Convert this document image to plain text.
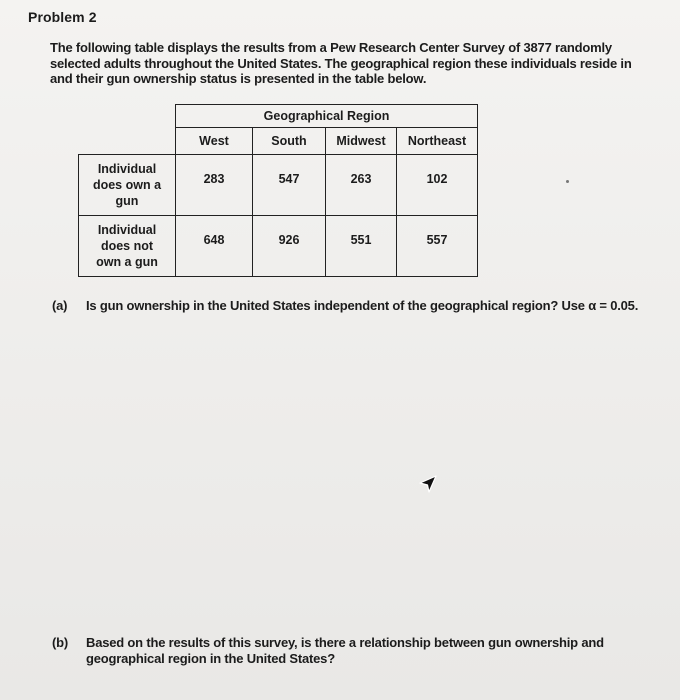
Problem 2
The following table displays the results from a Pew Research Center Survey of 3877 randomly
selected adults throughout the United States. The geographical region these individuals reside in
and their gun ownership status is presented in the table below.
	Geographical Region			
	West	South	Midwest	Northeast

Individual
does own a
gun	283	547	263	102

Individual
does not
own a gun	648	926	551	557
(a) Is gun ownership in the United States independent of the geographical region? Use α = 0.05.
(b) Based on the results of this survey, is there a relationship between gun ownership and
geographical region in the United States?
